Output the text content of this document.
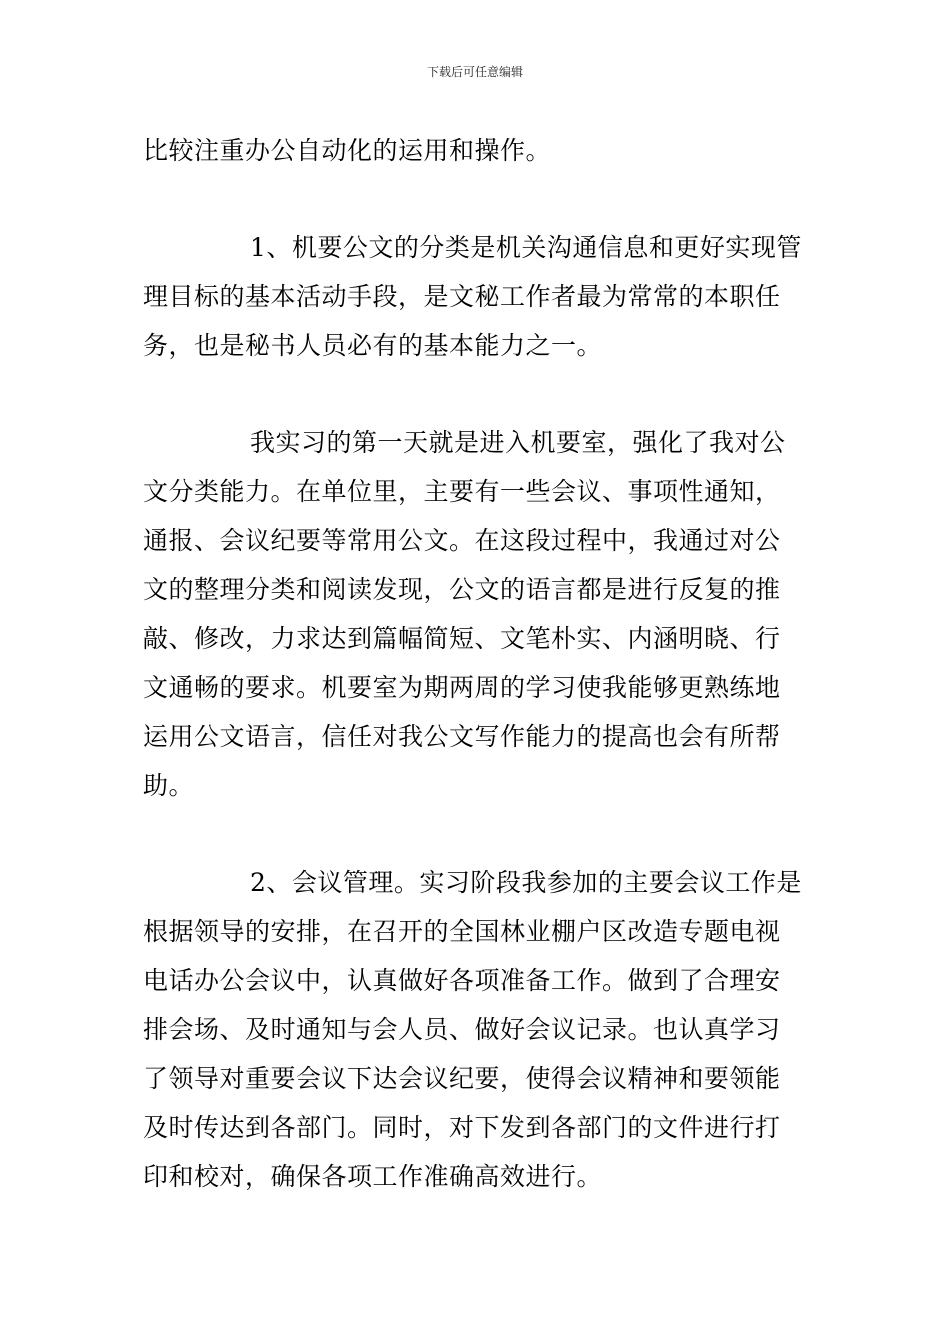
下载后可任意编辑

比较注重办公自动化的运用和操作。

1、机要公文的分类是机关沟通信息和更好实现管
理目标的基本活动手段，是文秘工作者最为常常的本职任
务，也是秘书人员必有的基本能力之一。

我实习的第一天就是进入机要室，强化了我对公
文分类能力。在单位里，主要有一些会议、事项性通知，
通报、会议纪要等常用公文。在这段过程中，我通过对公
文的整理分类和阅读发现，公文的语言都是进行反复的推
敲、修改，力求达到篇幅简短、文笔朴实、内涵明晓、行
文通畅的要求。机要室为期两周的学习使我能够更熟练地
运用公文语言，信任对我公文写作能力的提高也会有所帮
助。

2、会议管理。实习阶段我参加的主要会议工作是
根据领导的安排，在召开的全国林业棚户区改造专题电视
电话办公会议中，认真做好各项准备工作。做到了合理安
排会场、及时通知与会人员、做好会议记录。也认真学习
了领导对重要会议下达会议纪要，使得会议精神和要领能
及时传达到各部门。同时，对下发到各部门的文件进行打
印和校对，确保各项工作准确高效进行。
